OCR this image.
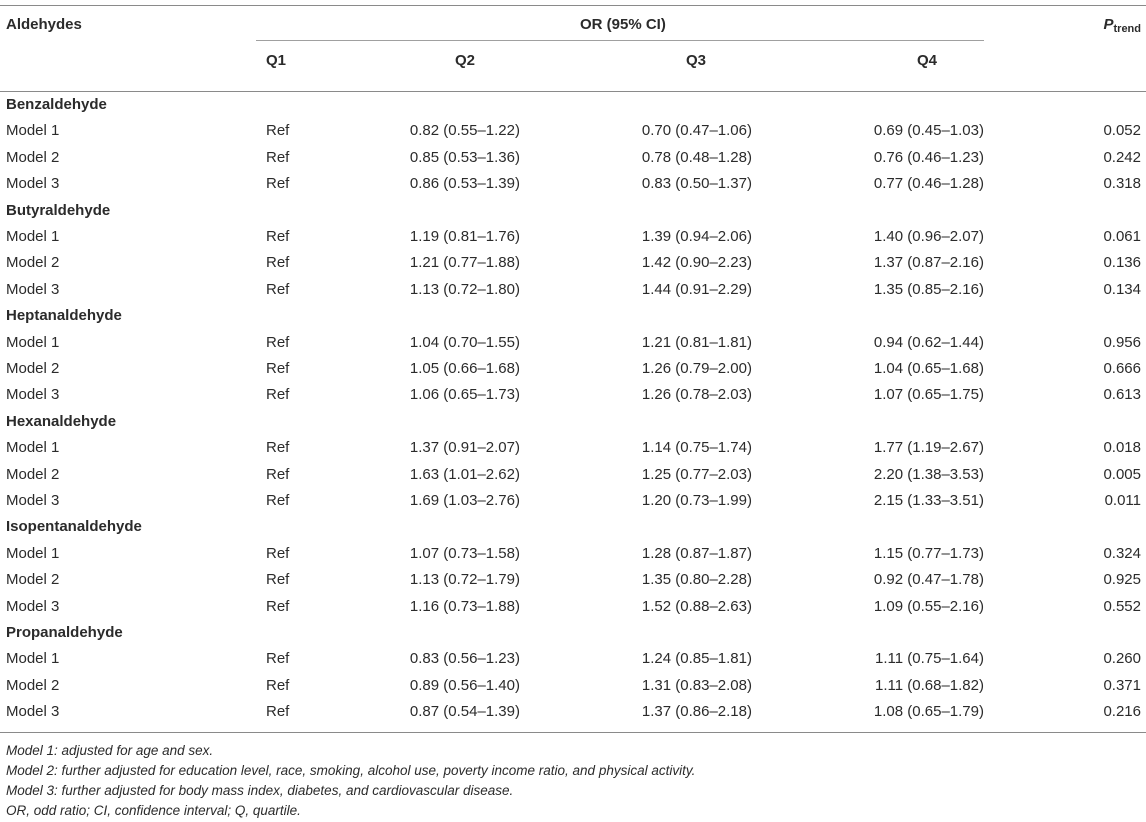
Aldehydes	OR (95% CI)	$P_{trend}$
Q1	Q2	Q3	Q4
Benzaldehyde
Model 1	Ref	0.82 (0.55–1.22)	0.70 (0.47–1.06)	0.69 (0.45–1.03)	0.052
Model 2	Ref	0.85 (0.53–1.36)	0.78 (0.48–1.28)	0.76 (0.46–1.23)	0.242
Model 3	Ref	0.86 (0.53–1.39)	0.83 (0.50–1.37)	0.77 (0.46–1.28)	0.318
Butyraldehyde
Model 1	Ref	1.19 (0.81–1.76)	1.39 (0.94–2.06)	1.40 (0.96–2.07)	0.061
Model 2	Ref	1.21 (0.77–1.88)	1.42 (0.90–2.23)	1.37 (0.87–2.16)	0.136
Model 3	Ref	1.13 (0.72–1.80)	1.44 (0.91–2.29)	1.35 (0.85–2.16)	0.134
Heptanaldehyde
Model 1	Ref	1.04 (0.70–1.55)	1.21 (0.81–1.81)	0.94 (0.62–1.44)	0.956
Model 2	Ref	1.05 (0.66–1.68)	1.26 (0.79–2.00)	1.04 (0.65–1.68)	0.666
Model 3	Ref	1.06 (0.65–1.73)	1.26 (0.78–2.03)	1.07 (0.65–1.75)	0.613
Hexanaldehyde
Model 1	Ref	1.37 (0.91–2.07)	1.14 (0.75–1.74)	1.77 (1.19–2.67)	0.018
Model 2	Ref	1.63 (1.01–2.62)	1.25 (0.77–2.03)	2.20 (1.38–3.53)	0.005
Model 3	Ref	1.69 (1.03–2.76)	1.20 (0.73–1.99)	2.15 (1.33–3.51)	0.011
Isopentanaldehyde
Model 1	Ref	1.07 (0.73–1.58)	1.28 (0.87–1.87)	1.15 (0.77–1.73)	0.324
Model 2	Ref	1.13 (0.72–1.79)	1.35 (0.80–2.28)	0.92 (0.47–1.78)	0.925
Model 3	Ref	1.16 (0.73–1.88)	1.52 (0.88–2.63)	1.09 (0.55–2.16)	0.552
Propanaldehyde
Model 1	Ref	0.83 (0.56–1.23)	1.24 (0.85–1.81)	1.11 (0.75–1.64)	0.260
Model 2	Ref	0.89 (0.56–1.40)	1.31 (0.83–2.08)	1.11 (0.68–1.82)	0.371
Model 3	Ref	0.87 (0.54–1.39)	1.37 (0.86–2.18)	1.08 (0.65–1.79)	0.216
Model 1: adjusted for age and sex.
Model 2: further adjusted for education level, race, smoking, alcohol use, poverty income ratio, and physical activity.
Model 3: further adjusted for body mass index, diabetes, and cardiovascular disease.
OR, odd ratio; CI, confidence interval; Q, quartile.
